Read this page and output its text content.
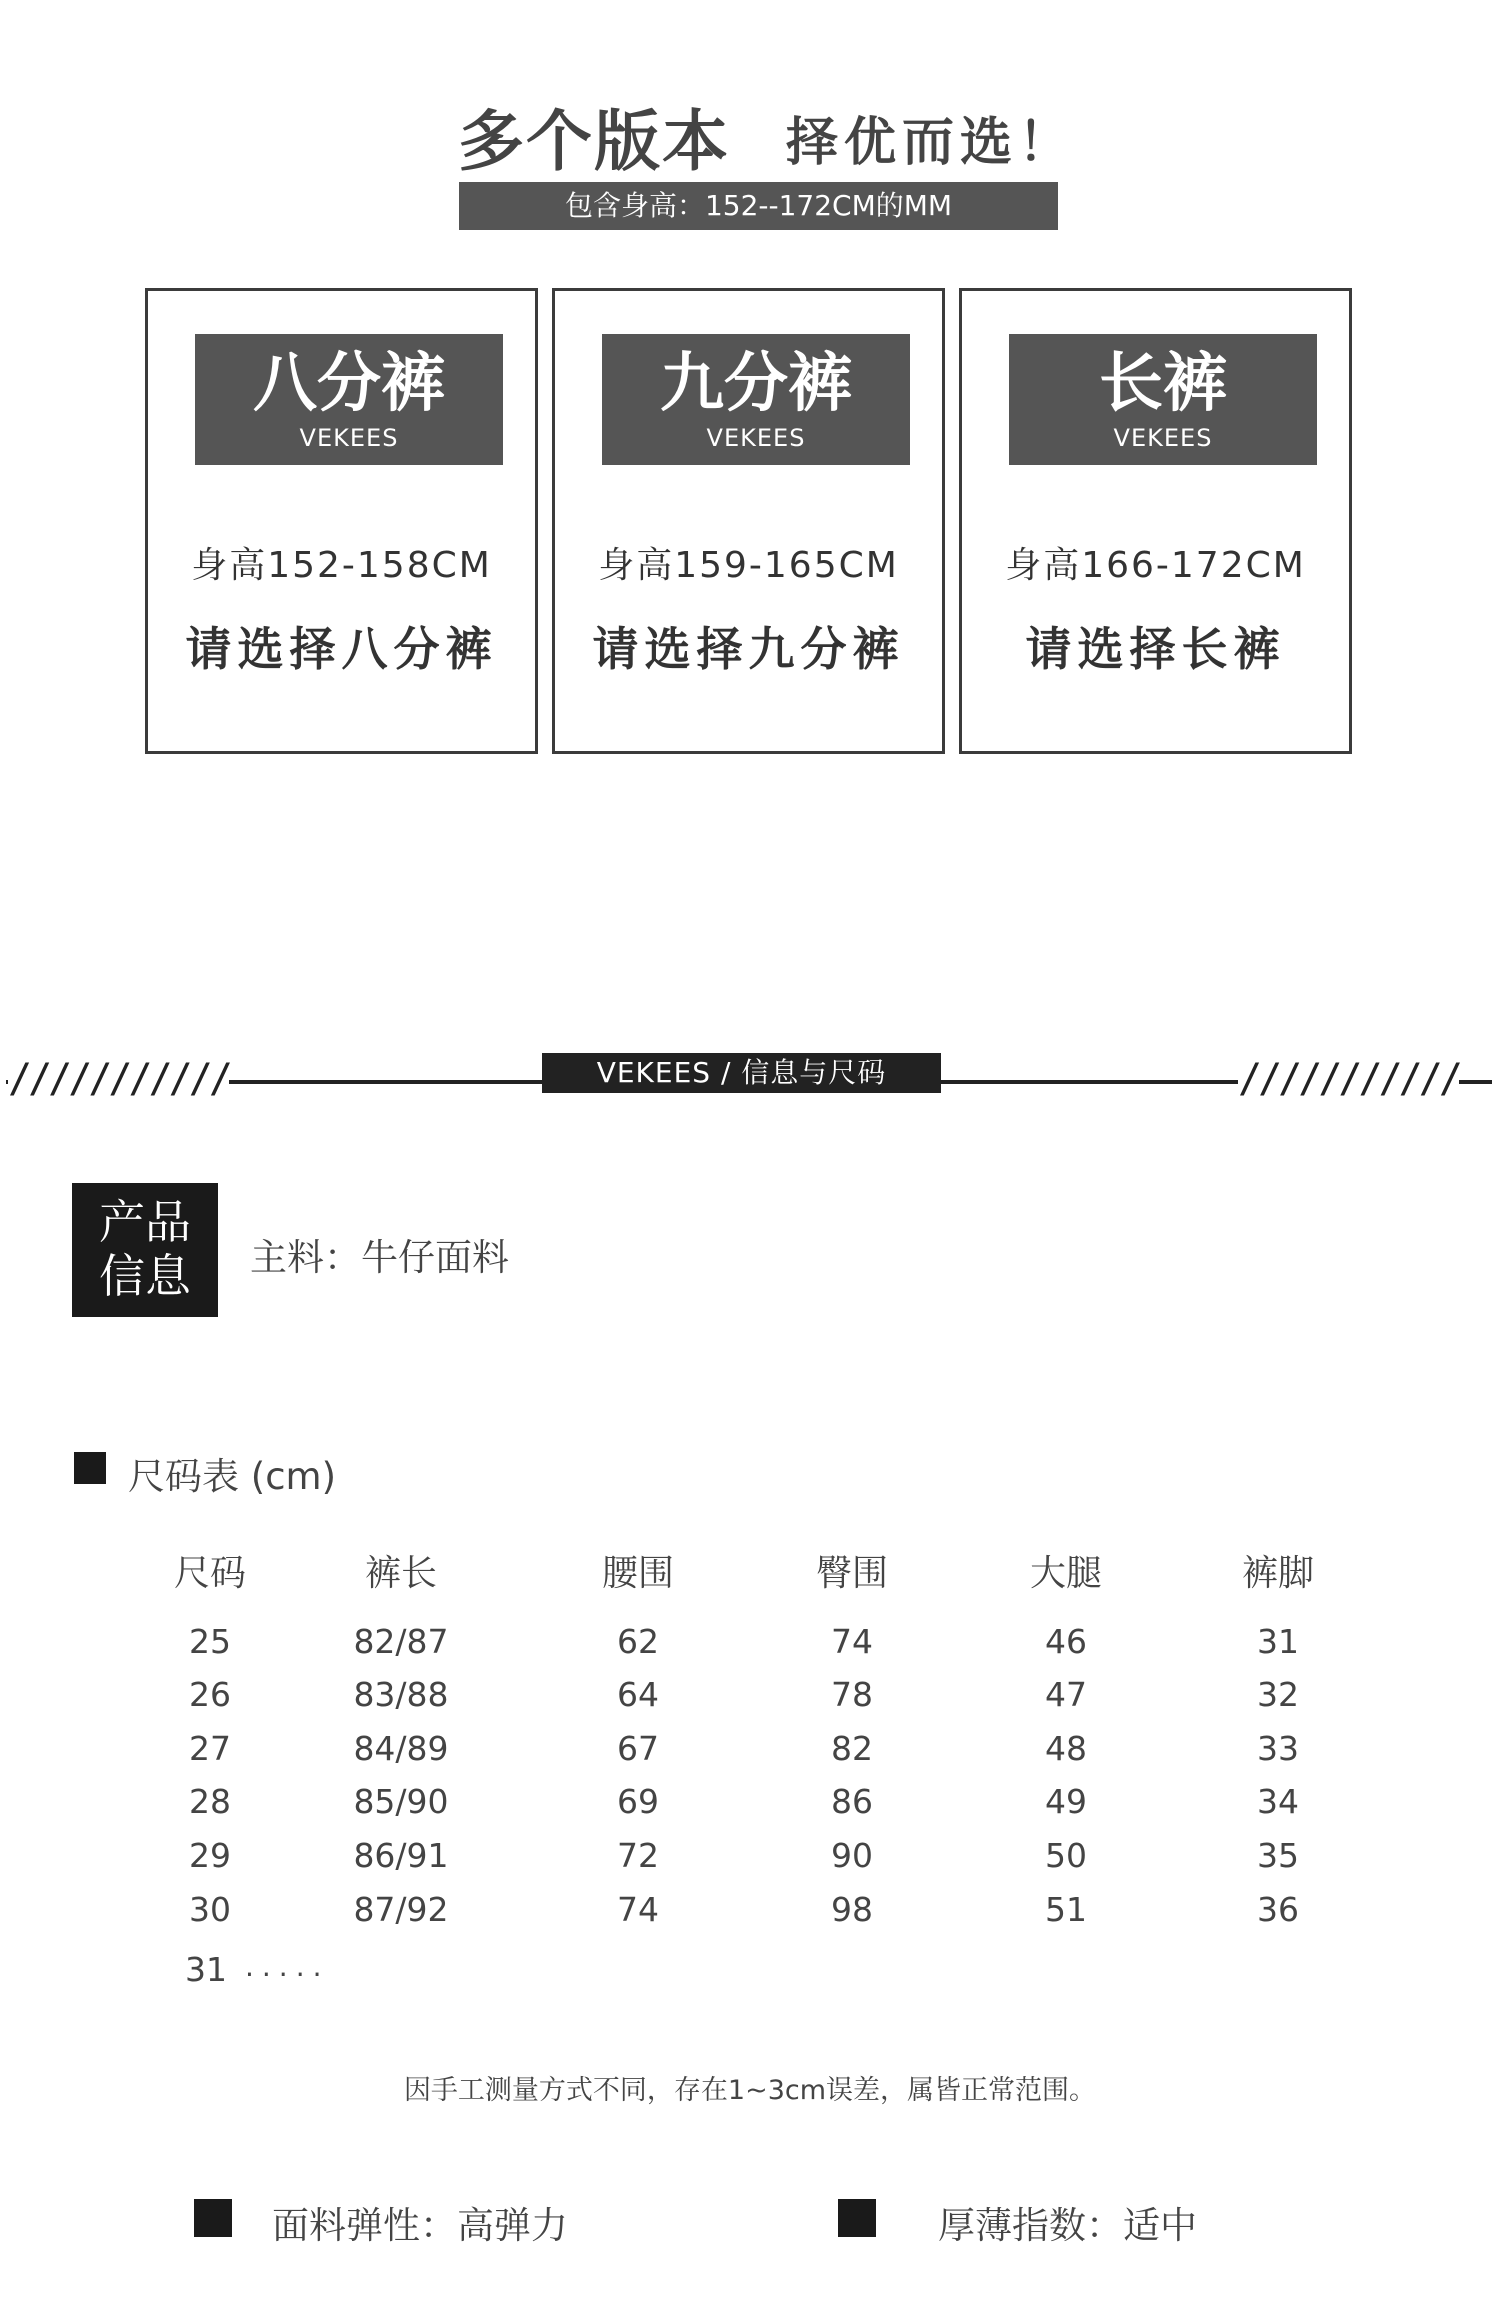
多个版本 择优而选！
包含身高：152--172CM的MM
八分裤
VEKEES
身高152-158CM
请选择八分裤
九分裤
VEKEES
身高159-165CM
请选择九分裤
长裤
VEKEES
身高166-172CM
请选择长裤
///////////	///////////
VEKEES / 信息与尺码
产品
信息	主料：牛仔面料
尺码表 (cm)
尺码	裤长	腰围	臀围	大腿	裤脚
25	82/87	62	74	46	31
26	83/88	64	78	47	32
27	84/89	67	82	48	33
28	85/90	69	86	49	34
29	86/91	72	90	50	35
30	87/92	74	98	51	36
31 .....
因手工测量方式不同，存在1~3cm误差，属皆正常范围。
面料弹性：高弹力	厚薄指数：适中
